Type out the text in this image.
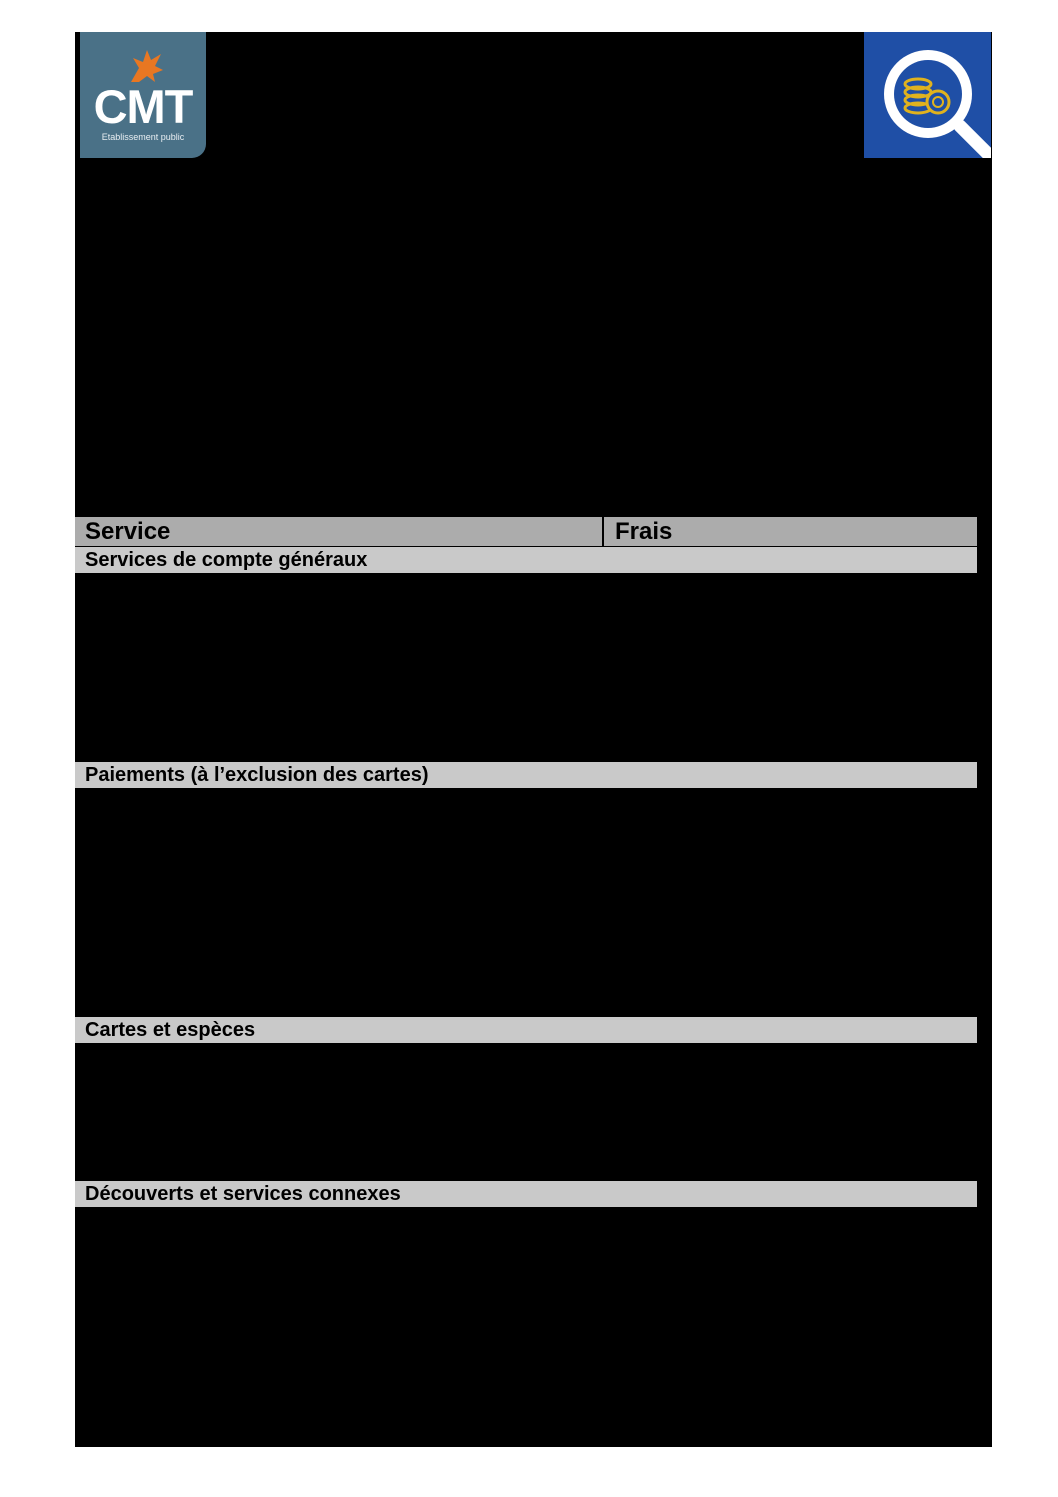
CMT
Etablissement public
Service	Frais
Services de compte généraux
Paiements (à l’exclusion des cartes)
Cartes et espèces
Découverts et services connexes
